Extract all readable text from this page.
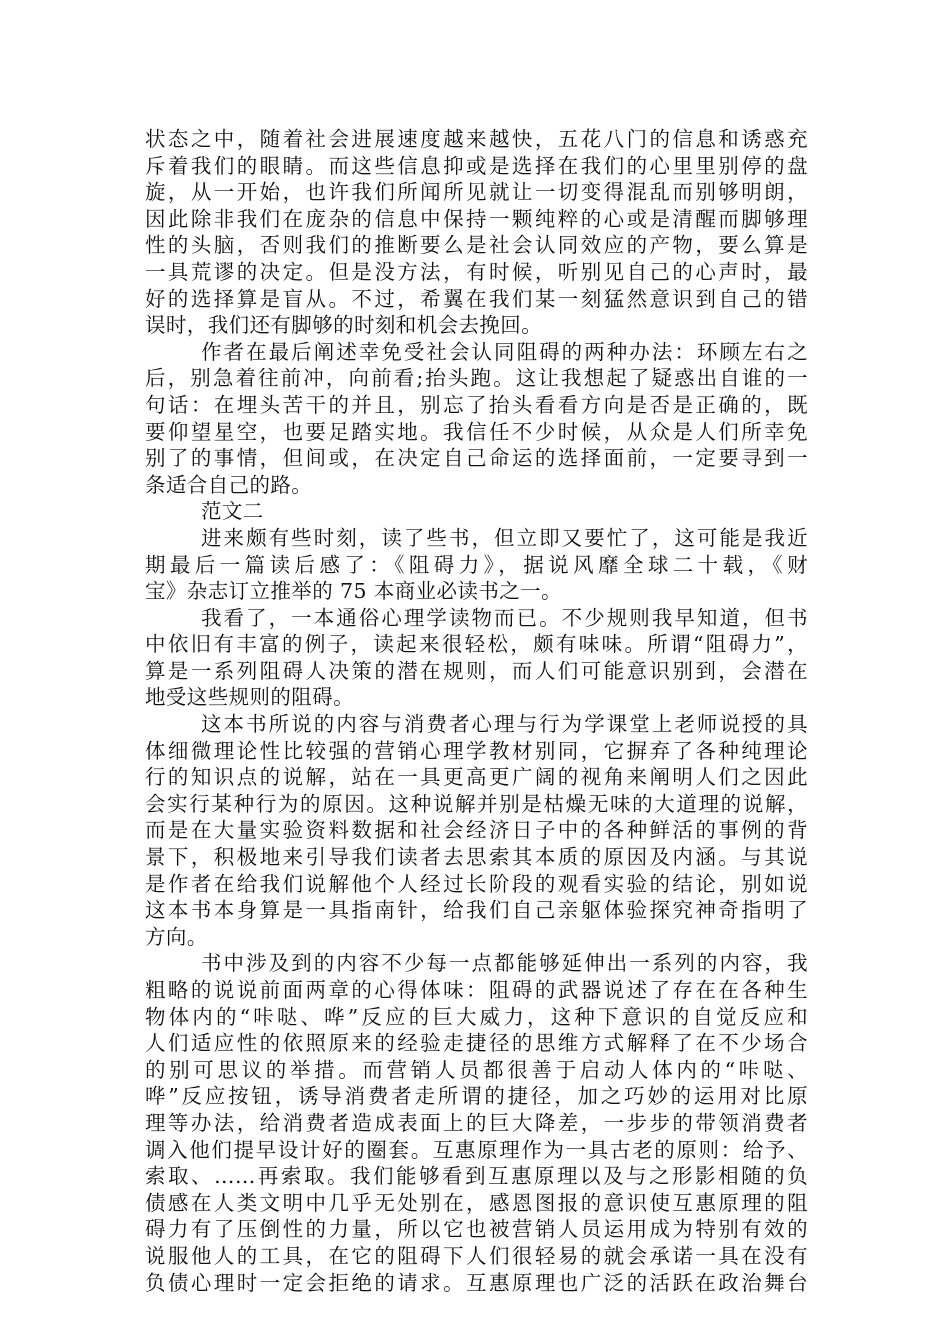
状态之中，随着社会进展速度越来越快，五花八门的信息和诱惑充
斥着我们的眼睛。而这些信息抑或是选择在我们的心里里别停的盘
旋，从一开始，也许我们所闻所见就让一切变得混乱而别够明朗，
因此除非我们在庞杂的信息中保持一颗纯粹的心或是清醒而脚够理
性的头脑，否则我们的推断要么是社会认同效应的产物，要么算是
一具荒谬的决定。但是没方法，有时候，听别见自己的心声时，最
好的选择算是盲从。不过，希翼在我们某一刻猛然意识到自己的错
误时，我们还有脚够的时刻和机会去挽回。
作者在最后阐述幸免受社会认同阻碍的两种办法：环顾左右之
后，别急着往前冲，向前看;抬头跑。这让我想起了疑惑出自谁的一
句话：在埋头苦干的并且，别忘了抬头看看方向是否是正确的，既
要仰望星空，也要足踏实地。我信任不少时候，从众是人们所幸免
别了的事情，但间或，在决定自己命运的选择面前，一定要寻到一
条适合自己的路。
范文二
进来颇有些时刻，读了些书，但立即又要忙了，这可能是我近
期最后一篇读后感了：《阻碍力》，据说风靡全球二十载，《财
宝》杂志订立推举的 75 本商业必读书之一。
我看了，一本通俗心理学读物而已。不少规则我早知道，但书
中依旧有丰富的例子，读起来很轻松，颇有味味。所谓“阻碍力”，
算是一系列阻碍人决策的潜在规则，而人们可能意识别到，会潜在
地受这些规则的阻碍。
这本书所说的内容与消费者心理与行为学课堂上老师说授的具
体细微理论性比较强的营销心理学教材别同，它摒弃了各种纯理论
行的知识点的说解，站在一具更高更广阔的视角来阐明人们之因此
会实行某种行为的原因。这种说解并别是枯燥无味的大道理的说解，
而是在大量实验资料数据和社会经济日子中的各种鲜活的事例的背
景下，积极地来引导我们读者去思索其本质的原因及内涵。与其说
是作者在给我们说解他个人经过长阶段的观看实验的结论，别如说
这本书本身算是一具指南针，给我们自己亲躯体验探究神奇指明了
方向。
书中涉及到的内容不少每一点都能够延伸出一系列的内容，我
粗略的说说前面两章的心得体味：阻碍的武器说述了存在在各种生
物体内的“咔哒、哗”反应的巨大威力，这种下意识的自觉反应和
人们适应性的依照原来的经验走捷径的思维方式解释了在不少场合
的别可思议的举措。而营销人员都很善于启动人体内的“咔哒、
哗”反应按钮，诱导消费者走所谓的捷径，加之巧妙的运用对比原
理等办法，给消费者造成表面上的巨大降差，一步步的带领消费者
调入他们提早设计好的圈套。互惠原理作为一具古老的原则：给予、
索取、……再索取。我们能够看到互惠原理以及与之形影相随的负
债感在人类文明中几乎无处别在，感恩图报的意识使互惠原理的阻
碍力有了压倒性的力量，所以它也被营销人员运用成为特别有效的
说服他人的工具，在它的阻碍下人们很轻易的就会承诺一具在没有
负债心理时一定会拒绝的请求。互惠原理也广泛的活跃在政治舞台
